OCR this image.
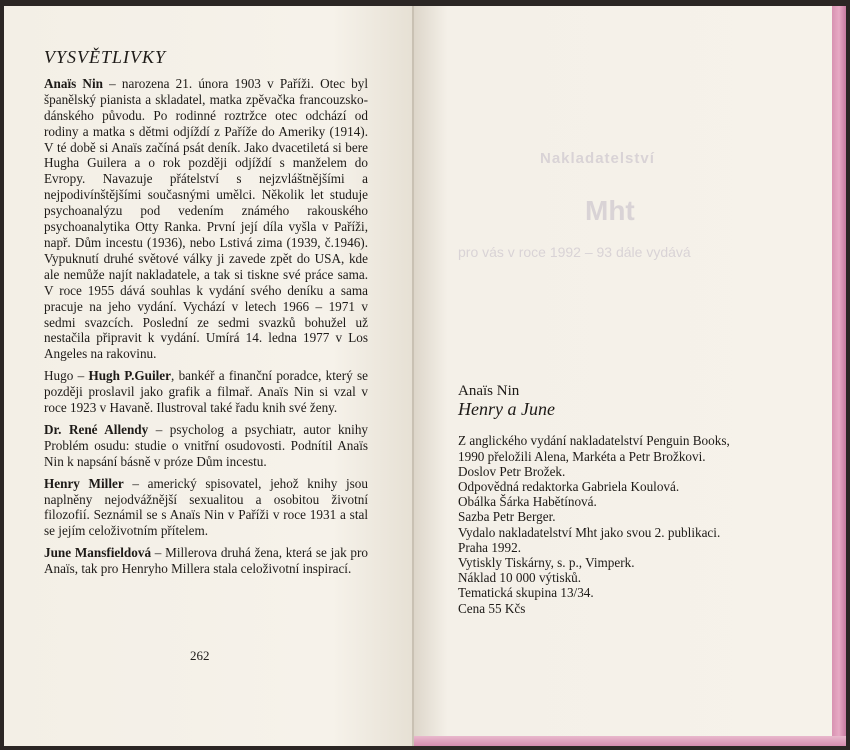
VYSVĚTLIVKY
Anaïs Nin – narozena 21. února 1903 v Paříži. Otec byl španělský pianista a skladatel, matka zpěvačka francouzsko-dánského původu. Po rodinné roztržce otec odchází od rodiny a matka s dětmi odjíždí z Paříže do Ameriky (1914). V té době si Anaïs začíná psát deník. Jako dvacetiletá si bere Hugha Guilera a o rok později odjíždí s manželem do Evropy. Navazuje přátelství s nejzvláštnějšími a nejpodivínštějšími současnými umělci. Několik let studuje psychoanalýzu pod vedením známého rakouského psychoanalytika Otty Ranka. První její díla vyšla v Paříži, např. Dům incestu (1936), nebo Lstivá zima (1939, č.1946). Vypuknutí druhé světové války ji zavede zpět do USA, kde ale nemůže najít nakladatele, a tak si tiskne své práce sama. V roce 1955 dává souhlas k vydání svého deníku a sama pracuje na jeho vydání. Vychází v letech 1966 – 1971 v sedmi svazcích. Poslední ze sedmi svazků bohužel už nestačila připravit k vydání. Umírá 14. ledna 1977 v Los Angeles na rakovinu.
Hugo – Hugh P.Guiler, bankéř a finanční poradce, který se později proslavil jako grafik a filmař. Anaïs Nin si vzal v roce 1923 v Havaně. Ilustroval také řadu knih své ženy.
Dr. René Allendy – psycholog a psychiatr, autor knihy Problém osudu: studie o vnitřní osudovosti. Podnítil Anaïs Nin k napsání básně v próze Dům incestu.
Henry Miller – americký spisovatel, jehož knihy jsou naplněny nejodvážnější sexualitou a osobitou životní filozofií. Seznámil se s Anaïs Nin v Paříži v roce 1931 a stal se jejím celoživotním přítelem.
June Mansfieldová – Millerova druhá žena, která se jak pro Anaïs, tak pro Henryho Millera stala celoživotní inspirací.
262
Nakladatelství
Mht
pro vás v roce 1992 – 93 dále vydává
Anaïs Nin
Henry a June
Z anglického vydání nakladatelství Penguin Books,
1990 přeložili Alena, Markéta a Petr Brožkovi.
Doslov Petr Brožek.
Odpovědná redaktorka Gabriela Koulová.
Obálka Šárka Habětínová.
Sazba Petr Berger.
Vydalo nakladatelství Mht jako svou 2. publikaci.
Praha 1992.
Vytiskly Tiskárny, s. p., Vimperk.
Náklad 10 000 výtisků.
Tematická skupina 13/34.
Cena 55 Kčs
